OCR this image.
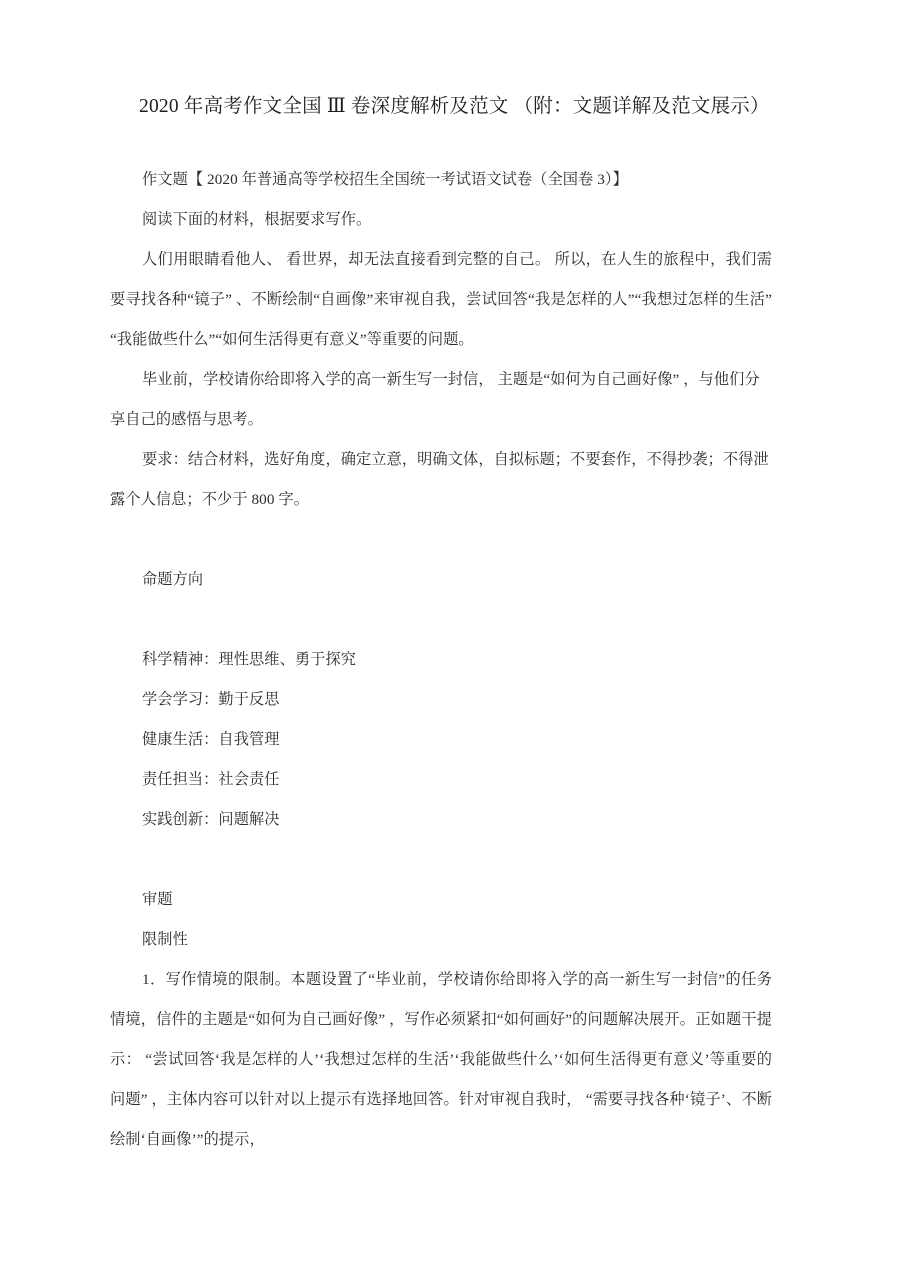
2020 年高考作文全国 Ⅲ 卷深度解析及范文 （附：文题详解及范文展示）

作文题【 2020 年普通高等学校招生全国统一考试语文试卷（全国卷 3）】

阅读下面的材料，根据要求写作。

人们用眼睛看他人、 看世界，却无法直接看到完整的自己。 所以，在人生的旅程中，我们需要寻找各种“镜子” 、不断绘制“自画像”来审视自我，尝试回答“我是怎样的人”“我想过怎样的生活”“我能做些什么”“如何生活得更有意义”等重要的问题。

毕业前，学校请你给即将入学的高一新生写一封信， 主题是“如何为自己画好像” ，与他们分享自己的感悟与思考。

要求：结合材料，选好角度，确定立意，明确文体，自拟标题；不要套作，不得抄袭；不得泄露个人信息；不少于 800 字。

命题方向

科学精神：理性思维、勇于探究

学会学习：勤于反思

健康生活：自我管理

责任担当：社会责任

实践创新：问题解决

审题

限制性

1．写作情境的限制。本题设置了“毕业前，学校请你给即将入学的高一新生写一封信”的任务情境，信件的主题是“如何为自己画好像” ，写作必须紧扣“如何画好”的问题解决展开。正如题干提示： “尝试回答‘我是怎样的人’‘我想过怎样的生活’‘我能做些什么’‘如何生活得更有意义’等重要的问题” ，主体内容可以针对以上提示有选择地回答。针对审视自我时， “需要寻找各种‘镜子’、不断绘制‘自画像’”的提示，
